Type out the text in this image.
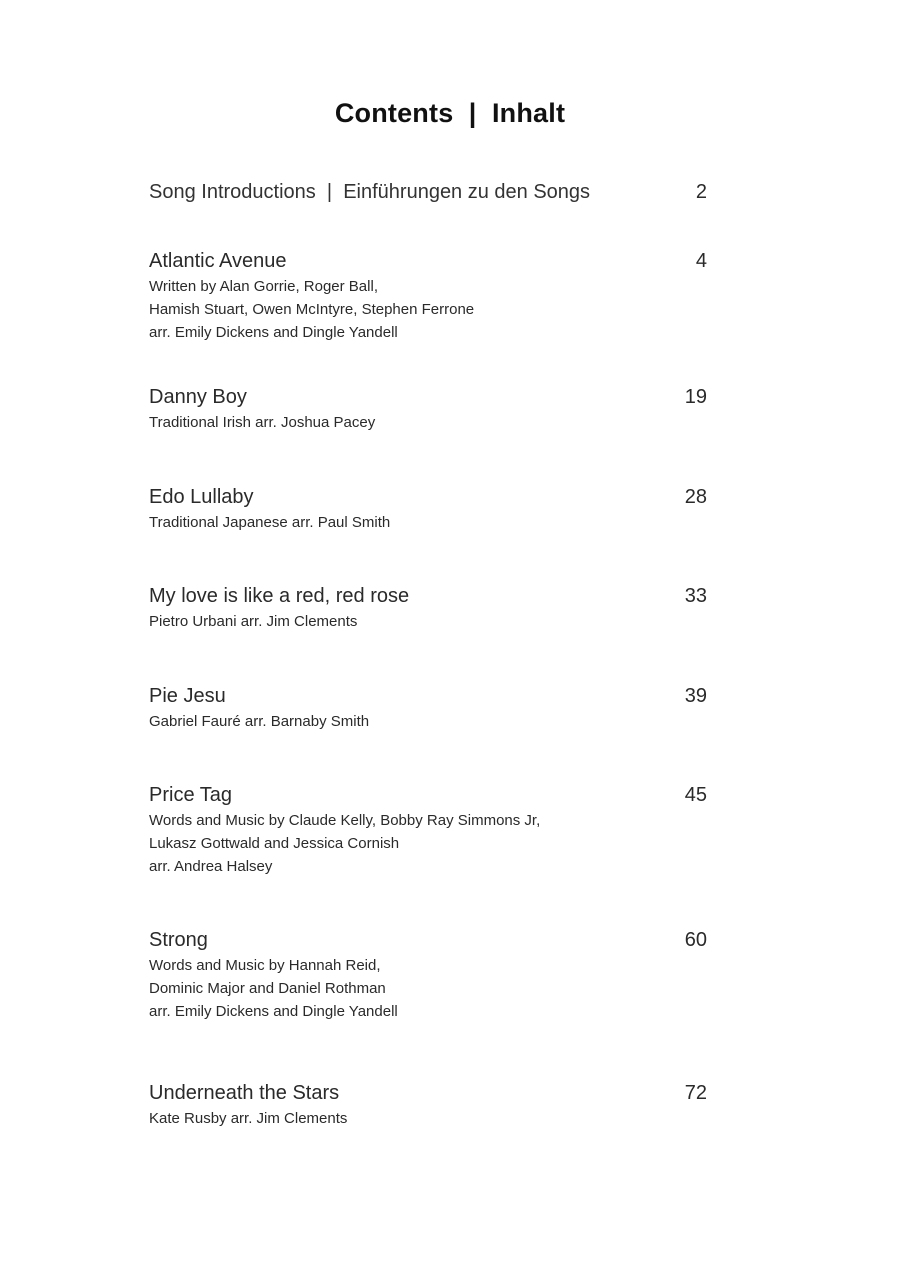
Contents  |  Inhalt
Song Introductions  |  Einführungen zu den Songs	2
Atlantic Avenue	4
Written by Alan Gorrie, Roger Ball,
Hamish Stuart, Owen McIntyre, Stephen Ferrone
arr. Emily Dickens and Dingle Yandell
Danny Boy	19
Traditional Irish arr. Joshua Pacey
Edo Lullaby	28
Traditional Japanese arr. Paul Smith
My love is like a red, red rose	33
Pietro Urbani arr. Jim Clements
Pie Jesu	39
Gabriel Fauré arr. Barnaby Smith
Price Tag	45
Words and Music by Claude Kelly, Bobby Ray Simmons Jr,
Lukasz Gottwald and Jessica Cornish
arr. Andrea Halsey
Strong	60
Words and Music by Hannah Reid,
Dominic Major and Daniel Rothman
arr. Emily Dickens and Dingle Yandell
Underneath the Stars	72
Kate Rusby arr. Jim Clements
